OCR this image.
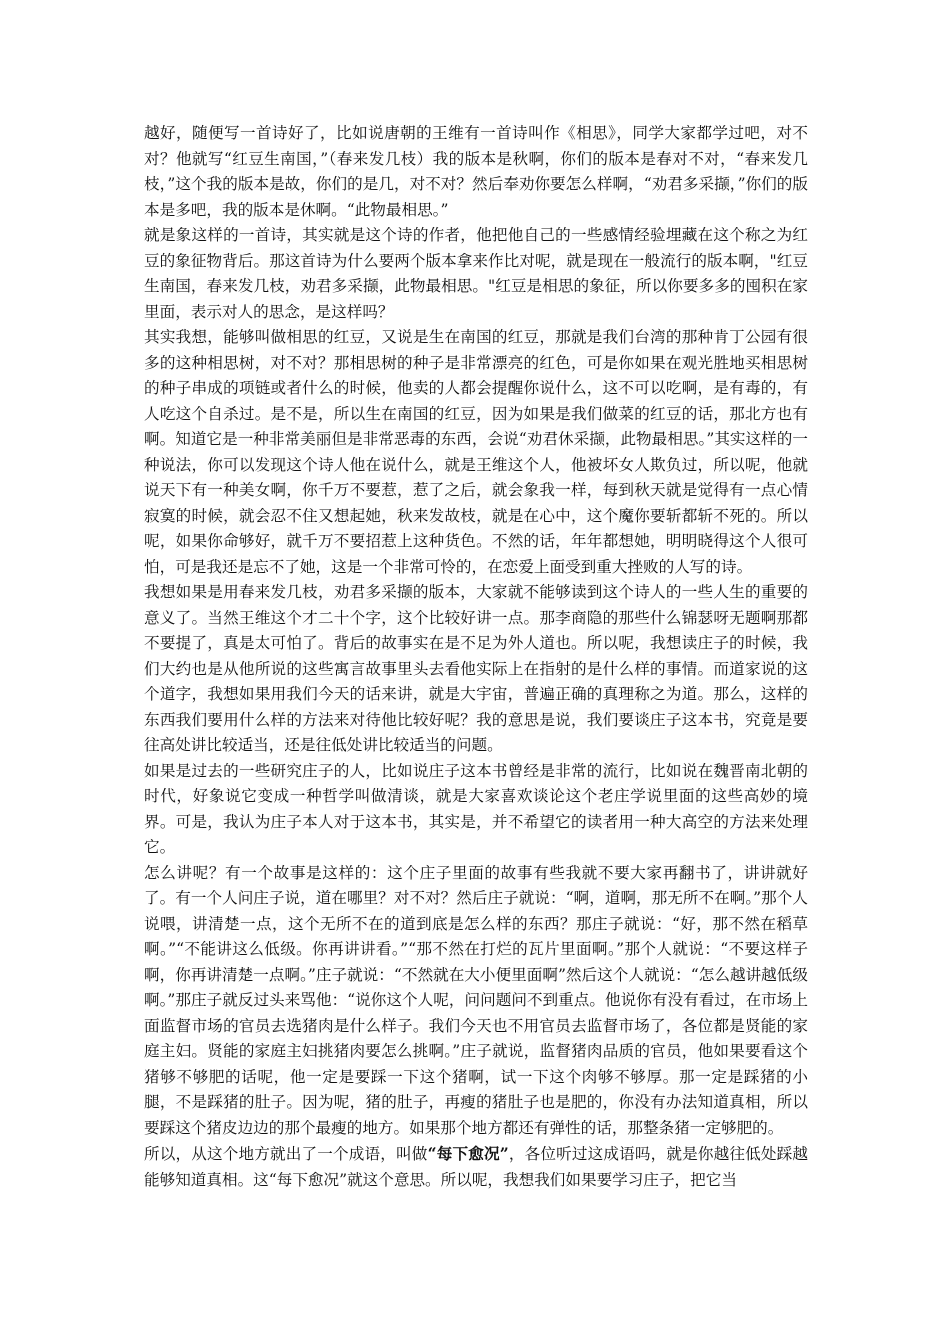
越好，随便写一首诗好了，比如说唐朝的王维有一首诗叫作《相思》，同学大家都学过吧，对不对？他就写“红豆生南国，”（春来发几枝）我的版本是秋啊，你们的版本是春对不对，“春来发几枝，”这个我的版本是故，你们的是几，对不对？然后奉劝你要怎么样啊，“劝君多采撷，”你们的版本是多吧，我的版本是休啊。“此物最相思。”

就是象这样的一首诗，其实就是这个诗的作者，他把他自己的一些感情经验埋藏在这个称之为红豆的象征物背后。那这首诗为什么要两个版本拿来作比对呢，就是现在一般流行的版本啊，"红豆生南国，春来发几枝，劝君多采撷，此物最相思。"红豆是相思的象征，所以你要多多的囤积在家里面，表示对人的思念，是这样吗？

其实我想，能够叫做相思的红豆，又说是生在南国的红豆，那就是我们台湾的那种肯丁公园有很多的这种相思树，对不对？那相思树的种子是非常漂亮的红色，可是你如果在观光胜地买相思树的种子串成的项链或者什么的时候，他卖的人都会提醒你说什么，这不可以吃啊，是有毒的，有人吃这个自杀过。是不是，所以生在南国的红豆，因为如果是我们做菜的红豆的话，那北方也有啊。知道它是一种非常美丽但是非常恶毒的东西，会说“劝君休采撷，此物最相思。”其实这样的一种说法，你可以发现这个诗人他在说什么，就是王维这个人，他被坏女人欺负过，所以呢，他就说天下有一种美女啊，你千万不要惹，惹了之后，就会象我一样，每到秋天就是觉得有一点心情寂寞的时候，就会忍不住又想起她，秋来发故枝，就是在心中，这个魔你要斩都斩不死的。所以呢，如果你命够好，就千万不要招惹上这种货色。不然的话，年年都想她，明明晓得这个人很可怕，可是我还是忘不了她，这是一个非常可怜的，在恋爱上面受到重大挫败的人写的诗。

我想如果是用春来发几枝，劝君多采撷的版本，大家就不能够读到这个诗人的一些人生的重要的意义了。当然王维这个才二十个字，这个比较好讲一点。那李商隐的那些什么锦瑟呀无题啊那都不要提了，真是太可怕了。背后的故事实在是不足为外人道也。所以呢，我想读庄子的时候，我们大约也是从他所说的这些寓言故事里头去看他实际上在指射的是什么样的事情。而道家说的这个道字，我想如果用我们今天的话来讲，就是大宇宙，普遍正确的真理称之为道。那么，这样的东西我们要用什么样的方法来对待他比较好呢？我的意思是说，我们要谈庄子这本书，究竟是要往高处讲比较适当，还是往低处讲比较适当的问题。

如果是过去的一些研究庄子的人，比如说庄子这本书曾经是非常的流行，比如说在魏晋南北朝的时代，好象说它变成一种哲学叫做清谈，就是大家喜欢谈论这个老庄学说里面的这些高妙的境界。可是，我认为庄子本人对于这本书，其实是，并不希望它的读者用一种大高空的方法来处理它。

怎么讲呢？有一个故事是这样的：这个庄子里面的故事有些我就不要大家再翻书了，讲讲就好了。有一个人问庄子说，道在哪里？对不对？然后庄子就说：“啊，道啊，那无所不在啊。”那个人说喂，讲清楚一点，这个无所不在的道到底是怎么样的东西？那庄子就说：“好，那不然在稻草啊。”“不能讲这么低级。你再讲讲看。”“那不然在打烂的瓦片里面啊。”那个人就说：“不要这样子啊，你再讲清楚一点啊。”庄子就说：“不然就在大小便里面啊”然后这个人就说：“怎么越讲越低级啊。”那庄子就反过头来骂他：“说你这个人呢，问问题问不到重点。他说你有没有看过，在市场上面监督市场的官员去选猪肉是什么样子。我们今天也不用官员去监督市场了，各位都是贤能的家庭主妇。贤能的家庭主妇挑猪肉要怎么挑啊。”庄子就说，监督猪肉品质的官员，他如果要看这个猪够不够肥的话呢，他一定是要踩一下这个猪啊，试一下这个肉够不够厚。那一定是踩猪的小腿，不是踩猪的肚子。因为呢，猪的肚子，再瘦的猪肚子也是肥的，你没有办法知道真相，所以要踩这个猪皮边边的那个最瘦的地方。如果那个地方都还有弹性的话，那整条猪一定够肥的。

所以，从这个地方就出了一个成语，叫做“每下愈况”，各位听过这成语吗，就是你越往低处踩越能够知道真相。这“每下愈况”就这个意思。所以呢，我想我们如果要学习庄子，把它当
